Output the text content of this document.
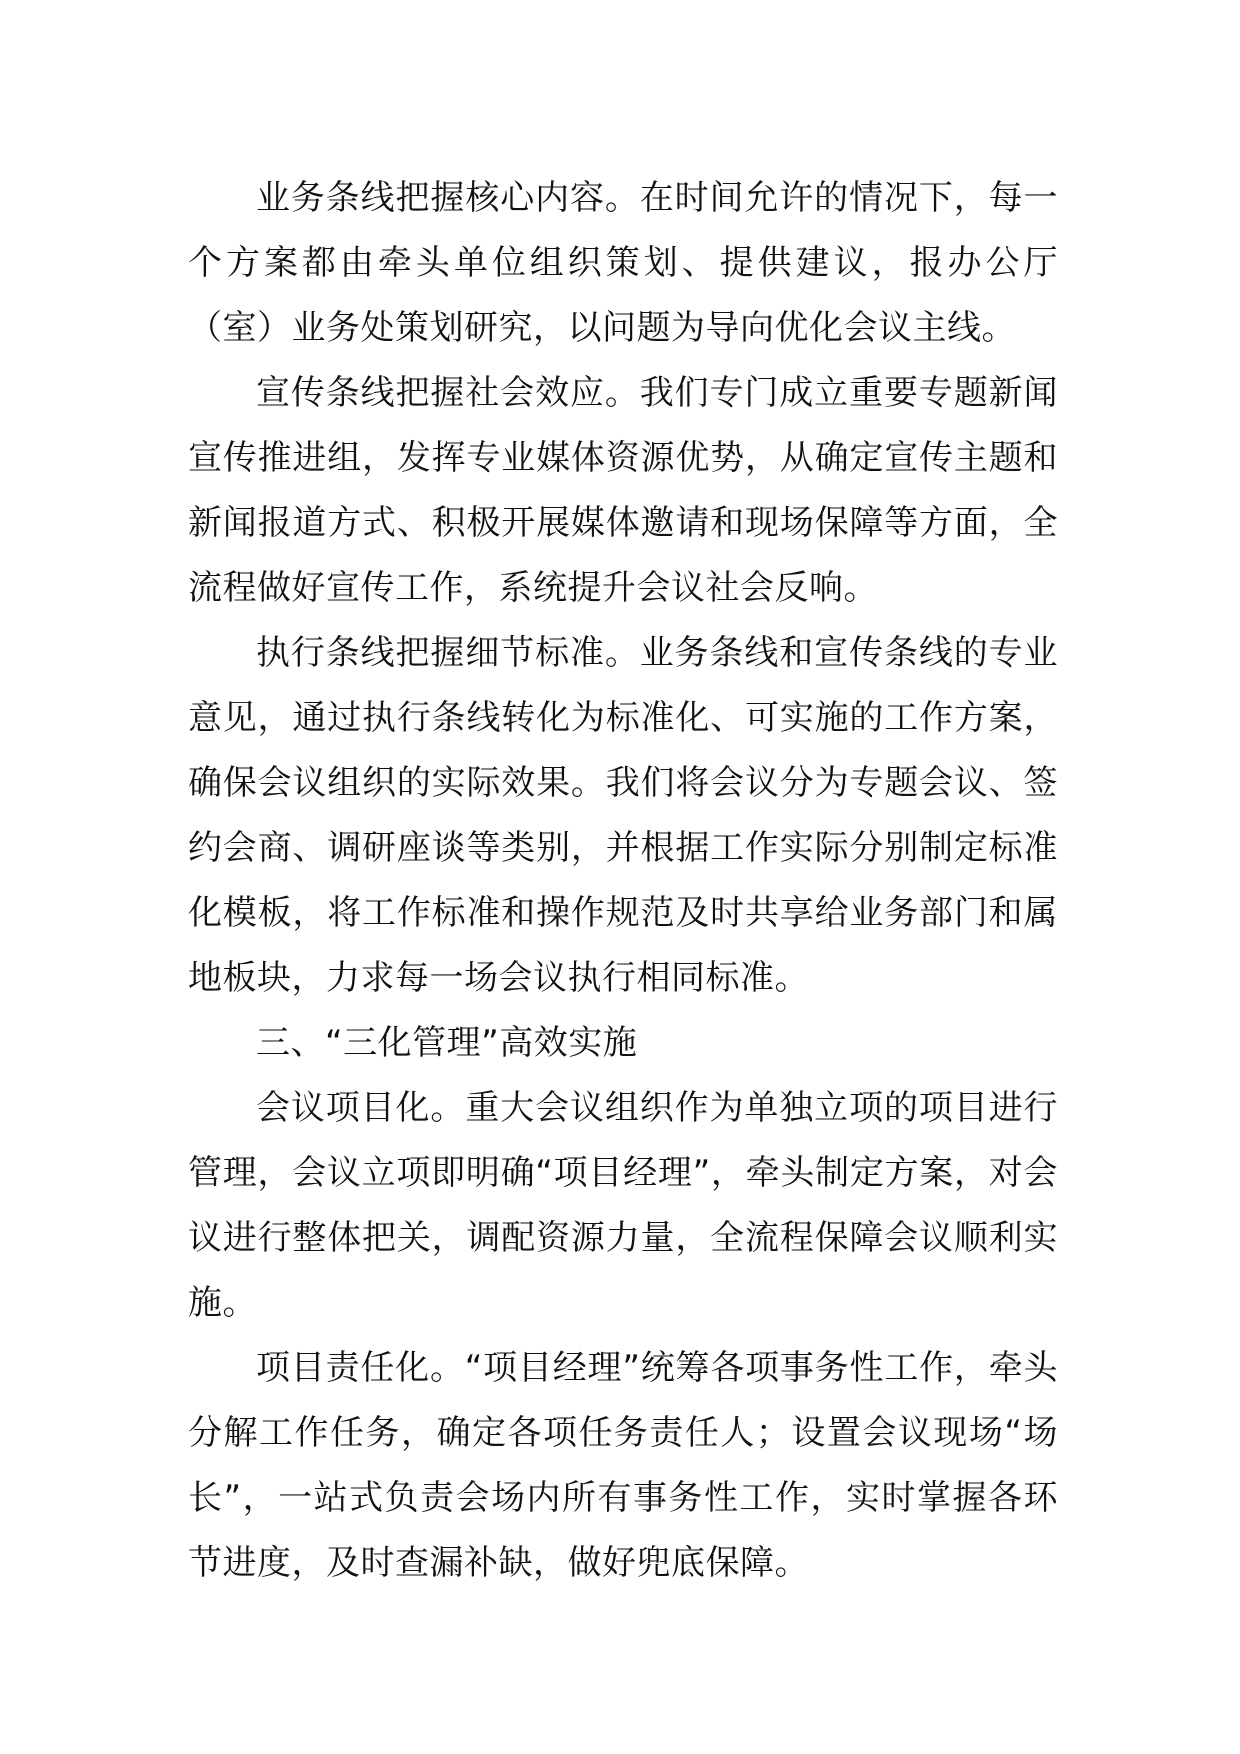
业务条线把握核心内容。在时间允许的情况下，每一个方案都由牵头单位组织策划、提供建议，报办公厅（室）业务处策划研究，以问题为导向优化会议主线。

宣传条线把握社会效应。我们专门成立重要专题新闻宣传推进组，发挥专业媒体资源优势，从确定宣传主题和新闻报道方式、积极开展媒体邀请和现场保障等方面，全流程做好宣传工作，系统提升会议社会反响。

执行条线把握细节标准。业务条线和宣传条线的专业意见，通过执行条线转化为标准化、可实施的工作方案，确保会议组织的实际效果。我们将会议分为专题会议、签约会商、调研座谈等类别，并根据工作实际分别制定标准化模板，将工作标准和操作规范及时共享给业务部门和属地板块，力求每一场会议执行相同标准。

三、“三化管理”高效实施

会议项目化。重大会议组织作为单独立项的项目进行管理，会议立项即明确“项目经理”，牵头制定方案，对会议进行整体把关，调配资源力量，全流程保障会议顺利实施。

项目责任化。“项目经理”统筹各项事务性工作，牵头分解工作任务，确定各项任务责任人；设置会议现场“场长”，一站式负责会场内所有事务性工作，实时掌握各环节进度，及时查漏补缺，做好兜底保障。
